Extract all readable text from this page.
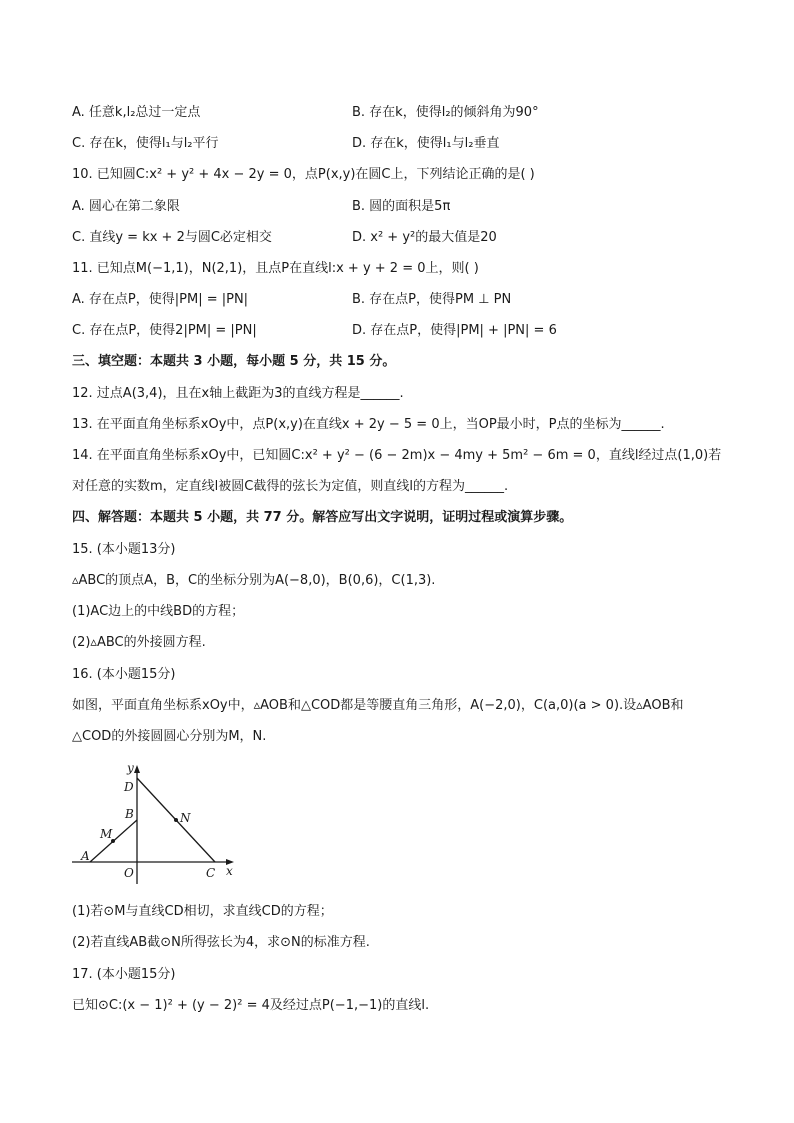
A. 任意k,l₂总过一定点	B. 存在k，使得l₂的倾斜角为90°
C. 存在k，使得l₁与l₂平行	D. 存在k，使得l₁与l₂垂直
10. 已知圆C:x² + y² + 4x − 2y = 0，点P(x,y)在圆C上，下列结论正确的是( )
A. 圆心在第二象限	B. 圆的面积是5π
C. 直线y = kx + 2与圆C必定相交	D. x² + y²的最大值是20
11. 已知点M(−1,1)，N(2,1)，且点P在直线l:x + y + 2 = 0上，则( )
A. 存在点P，使得|PM| = |PN|	B. 存在点P，使得PM ⊥ PN
C. 存在点P，使得2|PM| = |PN|	D. 存在点P，使得|PM| + |PN| = 6
三、填空题：本题共 3 小题，每小题 5 分，共 15 分。
12. 过点A(3,4)，且在x轴上截距为3的直线方程是______.
13. 在平面直角坐标系xOy中，点P(x,y)在直线x + 2y − 5 = 0上，当OP最小时，P点的坐标为______.
14. 在平面直角坐标系xOy中，已知圆C:x² + y² − (6 − 2m)x − 4my + 5m² − 6m = 0，直线l经过点(1,0)若
对任意的实数m，定直线l被圆C截得的弦长为定值，则直线l的方程为______.
四、解答题：本题共 5 小题，共 77 分。解答应写出文字说明，证明过程或演算步骤。
15. (本小题13分)
▵ABC的顶点A，B，C的坐标分别为A(−8,0)，B(0,6)，C(1,3).
(1)AC边上的中线BD的方程；
(2)▵ABC的外接圆方程.
16. (本小题15分)
如图，平面直角坐标系xOy中，▵AOB和△COD都是等腰直角三角形，A(−2,0)，C(a,0)(a > 0).设▵AOB和
△COD的外接圆圆心分别为M，N.
y
x
D
B
M
N
A
O	C
(1)若⊙M与直线CD相切，求直线CD的方程；
(2)若直线AB截⊙N所得弦长为4，求⊙N的标准方程.
17. (本小题15分)
已知⊙C:(x − 1)² + (y − 2)² = 4及经过点P(−1,−1)的直线l.
